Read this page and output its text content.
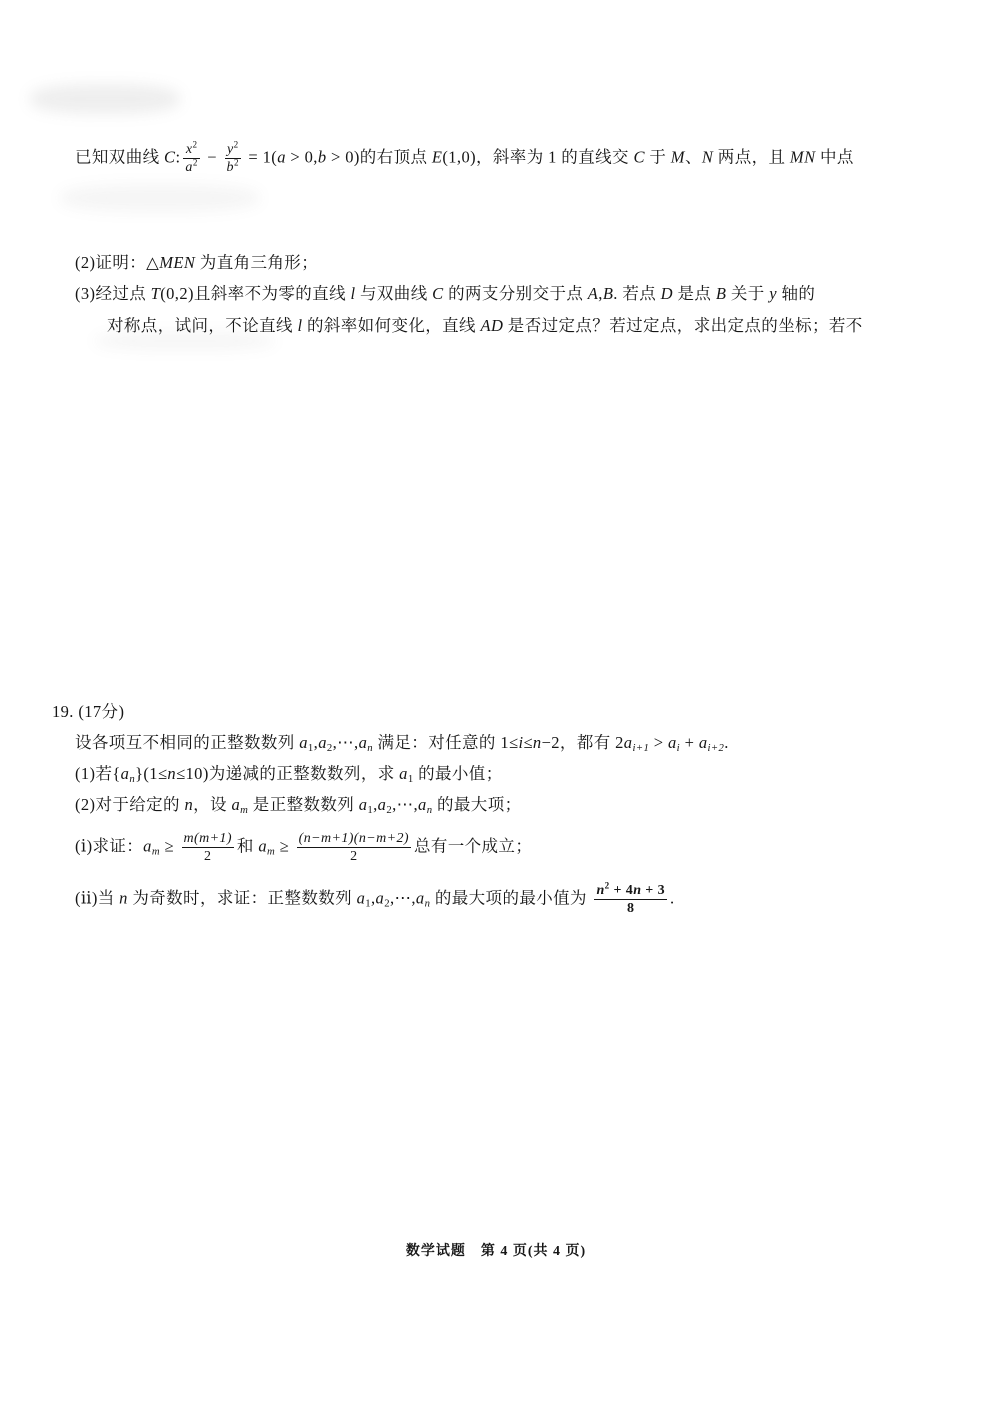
已知双曲线 C: $\frac{x^2}{a^2} - \frac{y^2}{b^2} = 1(a > 0,b > 0)$的右顶点 E(1,0)，斜率为 1 的直线交 C 于 M、N 两点，且 MN 中点
(2)证明：△MEN 为直角三角形；
(3)经过点 T(0,2)且斜率不为零的直线 l 与双曲线 C 的两支分别交于点 A,B. 若点 D 是点 B 关于 y 轴的
对称点，试问，不论直线 l 的斜率如何变化，直线 AD 是否过定点？若过定点，求出定点的坐标；若不
19. (17分)
设各项互不相同的正整数数列 $a_1,a_2,\cdots,a_n$ 满足：对任意的 1≤i≤n−2，都有 $2a_{i+1} > a_i + a_{i+2}$.
(1)若$\{a_n\}(1\le n\le 10)$为递减的正整数数列，求 $a_1$ 的最小值；
(2)对于给定的 n，设 $a_m$ 是正整数数列 $a_1,a_2,\cdots,a_n$ 的最大项；
(ⅰ)求证：$a_m \ge \frac{m(m+1)}{2}$ 和 $a_m \ge \frac{(n-m+1)(n-m+2)}{2}$ 总有一个成立；
(ⅱ)当 n 为奇数时，求证：正整数数列 $a_1,a_2,\cdots,a_n$ 的最大项的最小值为 $\frac{n^2 + 4n + 3}{8}$ .
数学试题　第 4 页(共 4 页)
